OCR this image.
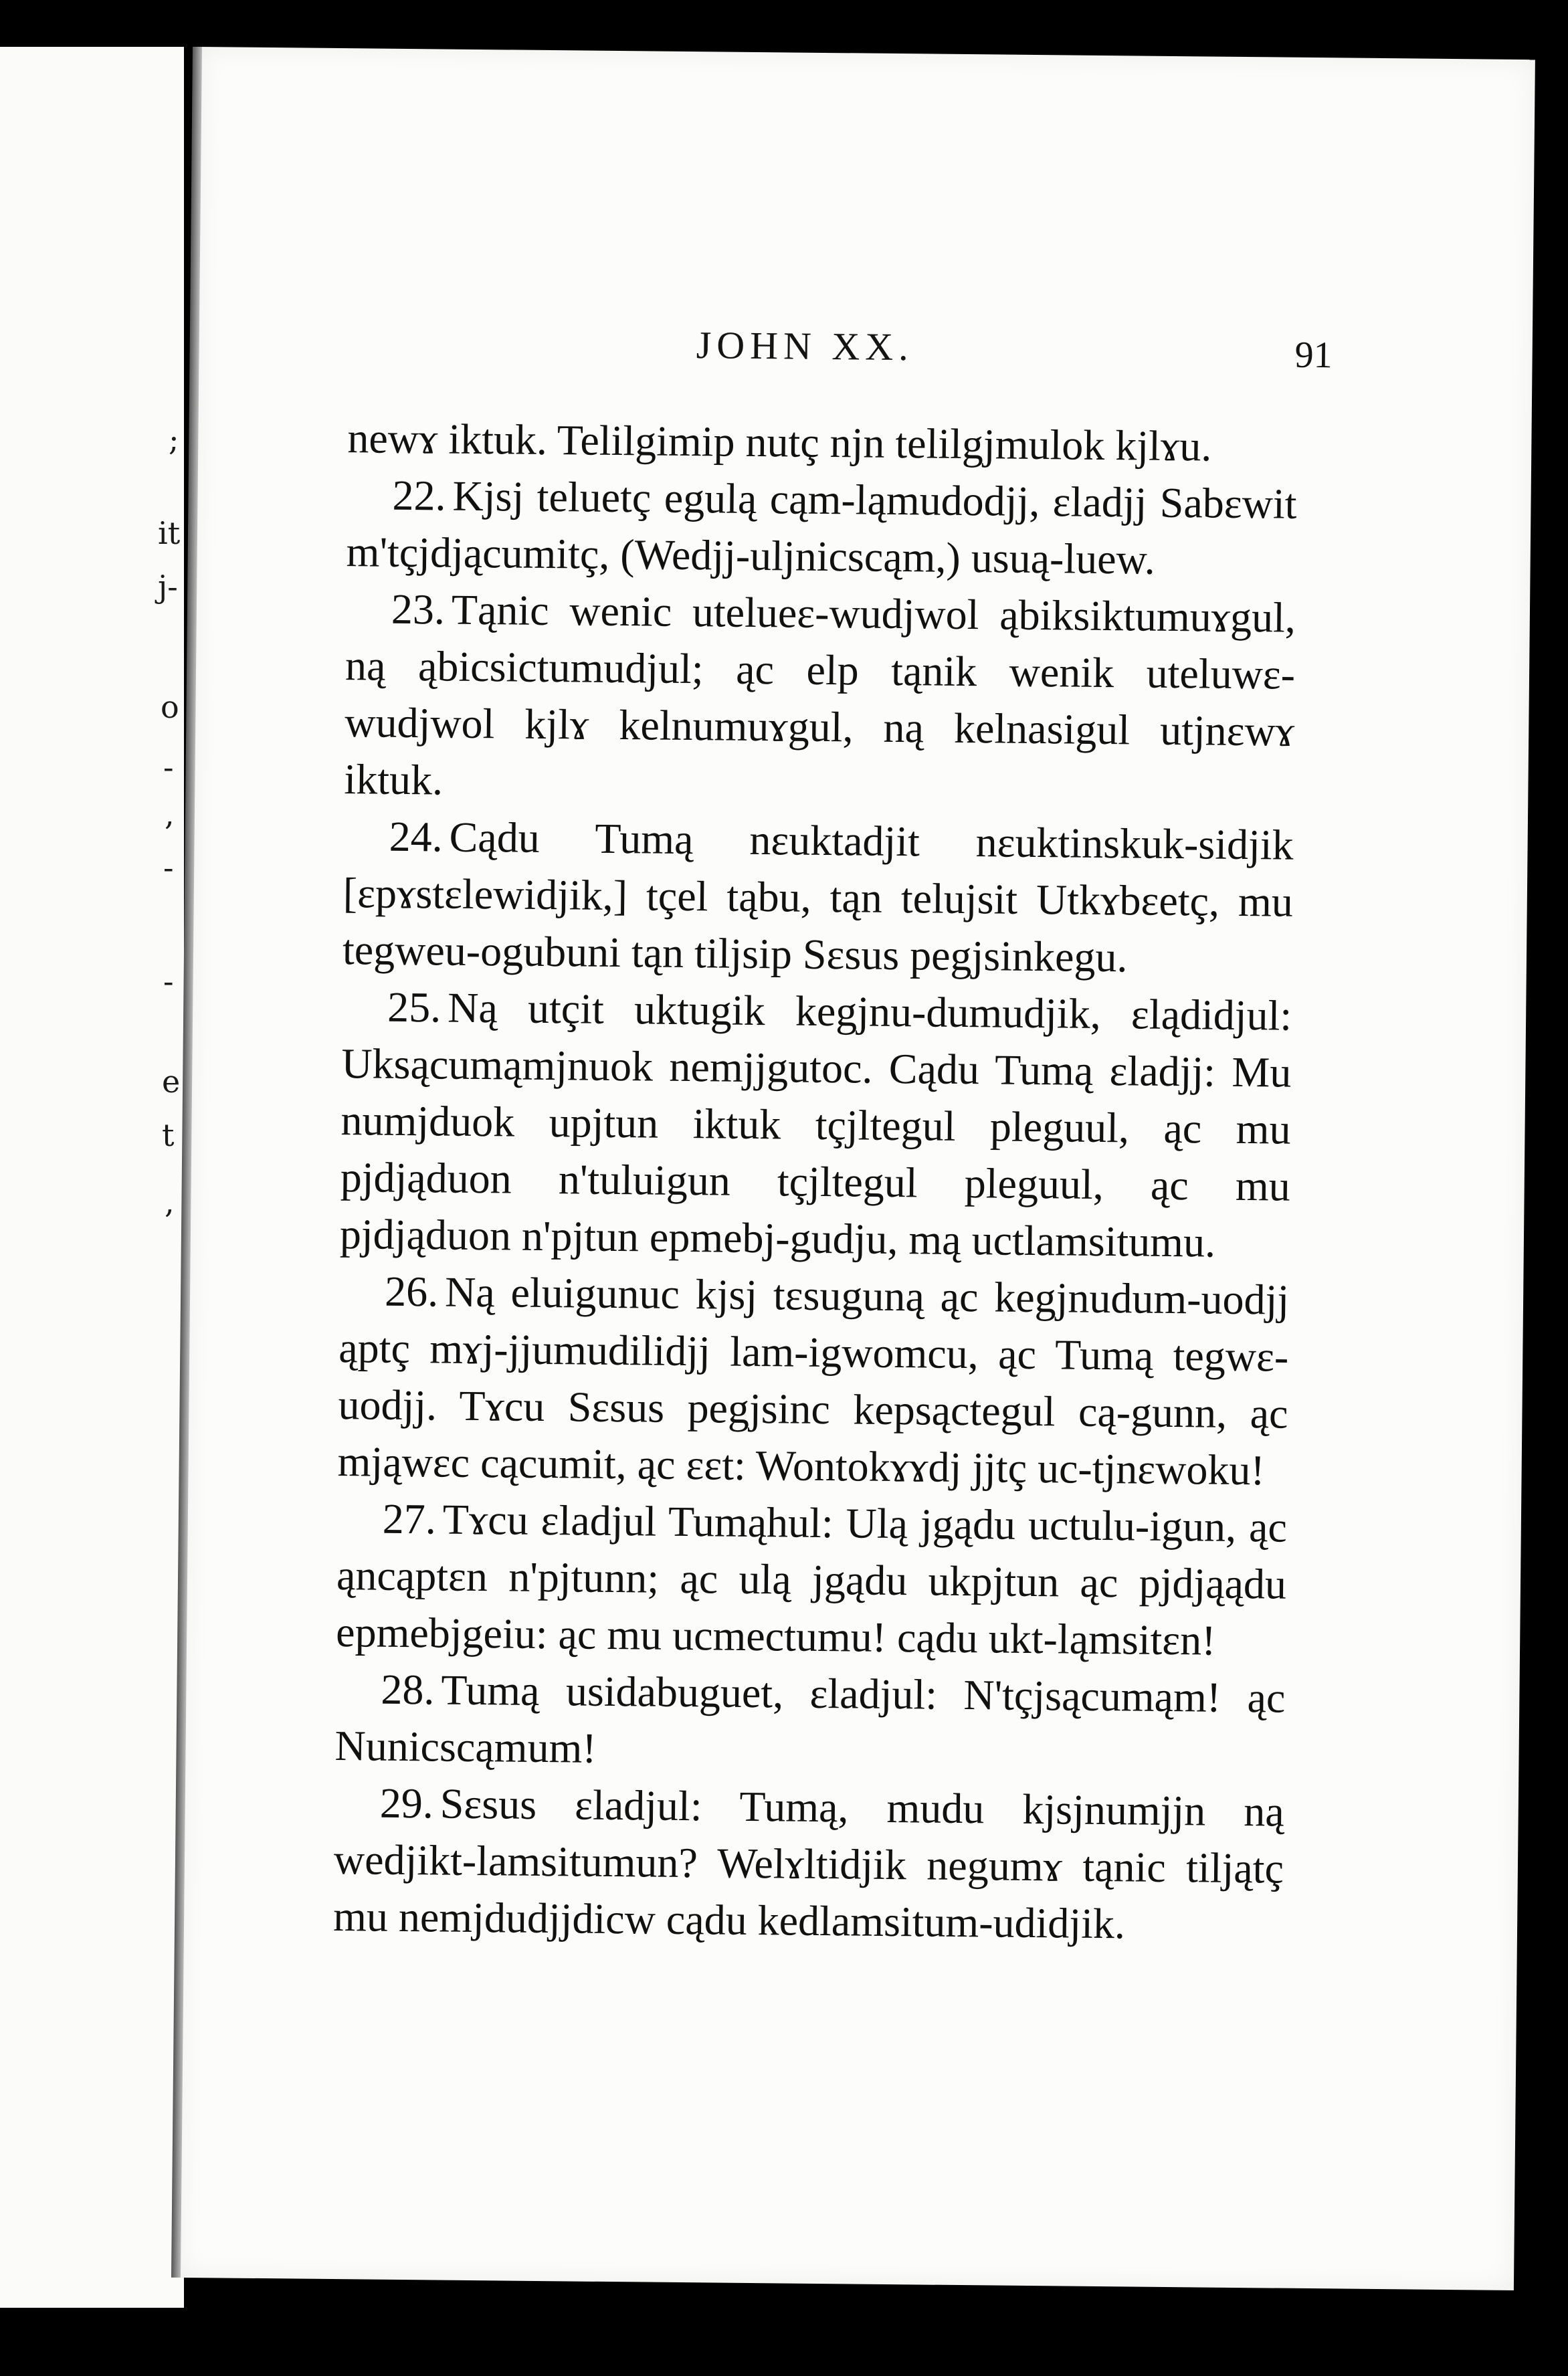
;
it
j-
o
-
,
-
-
e
t
,
JOHN XX.	91

newɤ iktuk. Telilgimip nutç njn telilgjmulok kjlɤu.

22. Kjsj teluetç egulą cąm-ląmudodjj, ɛladjj Sabɛwit m'tçjdjącumitç, (Wedjj-uljnicscąm,) usuą-luew.

23. Tąnic wenic utelueɛ-wudjwol ąbiksiktumuɤgul, ną ąbicsictumudjul; ąc elp tąnik wenik uteluwɛ-wudjwol kjlɤ kelnumuɤgul, ną kelnasigul utjnɛwɤ iktuk.

24. Cądu Tumą nɛuktadjit nɛuktinskuk-sidjik [ɛpɤstɛlewidjik,] tçel tąbu, tąn telujsit Utkɤbɛetç, mu tegweu-ogubuni tąn tiljsip Sɛsus pegjsinkegu.

25. Ną utçit uktugik kegjnu-dumudjik, ɛlądidjul: Uksącumąmjnuok nemjjgutoc. Cądu Tumą ɛladjj: Mu numjduok upjtun iktuk tçjltegul pleguul, ąc mu pjdjąduon n'tuluigun tçjltegul pleguul, ąc mu pjdjąduon n'pjtun epmebj-gudju, mą uctlamsitumu.

26. Ną eluigunuc kjsj tɛsuguną ąc kegjnudum-uodjj ąptç mɤj-jjumudilidjj lam-igwomcu, ąc Tumą tegwɛ-uodjj. Tɤcu Sɛsus pegjsinc kepsąctegul cą-gunn, ąc mjąwɛc cącumit, ąc ɛɛt: Wontokɤɤdj jjtç uc-tjnɛwoku!

27. Tɤcu ɛladjul Tumąhul: Ulą jgądu uctulu-igun, ąc ąncąptɛn n'pjtunn; ąc ulą jgądu ukpjtun ąc pjdjąądu epmebjgeiu: ąc mu ucmectumu! cądu ukt-ląmsitɛn!

28. Tumą usidabuguet, ɛladjul: N'tçjsącumąm! ąc Nunicscąmum!

29. Sɛsus ɛladjul: Tumą, mudu kjsjnumjjn ną wedjikt-lamsitumun? Welɤltidjik negumɤ tąnic tiljątç mu nemjdudjjdicw cądu kedlamsitum-udidjik.
